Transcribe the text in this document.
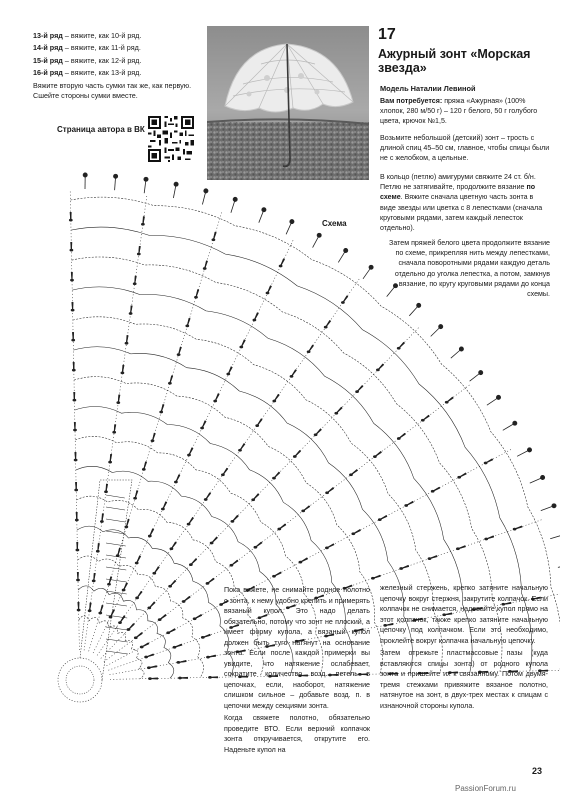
13-й ряд – вяжите, как 10-й ряд.

14-й ряд – вяжите, как 11-й ряд.

15-й ряд – вяжите, как 12-й ряд.

16-й ряд – вяжите, как 13-й ряд.

Вяжите вторую часть сумки так же, как первую. Сшейте стороны сумки вместе.

Страница автора в ВК
17
Ажурный зонт «Морская звезда»
Модель Наталии Левиной

Вам потребуется: пряжа «Ажурная» (100% хлопок, 280 м/50 г) – 120 г белого, 50 г голубого цвета, крючок №1,5.

Возьмите небольшой (детский) зонт – трость с длиной спиц 45–50 см, главное, чтобы спицы были не с желобком, а цельные.

В кольцо (петлю) амигуруми свяжите 24 ст. б/н. Петлю не затягивайте, продолжите вязание по схеме. Вяжите сначала цветную часть зонта в виде звезды или цветка с 8 лепестками (сначала круговыми рядами, затем каждый лепесток отдельно).

Затем пряжей белого цвета продолжите вязание по схеме, прикрепляя нить между лепестками, сначала поворотными рядами каждую деталь отдельно до уголка лепестка, а потом, замкнув вязание, по кругу круговыми рядами до конца схемы.

Схема

Пока вяжете, не снимайте родное полотно с зонта, к нему удобно крепить и примерять вязаный купол. Это надо делать обязательно, потому что зонт не плоский, а имеет форму купола, а вязаный купол должен быть туго натянут на основание зонта. Если после каждой примерки вы увидите, что натяжение ослабевает, сократите количество возд. петель в цепочках, если, наоборот, натяжение слишком сильное – добавьте возд. п. в цепочки между секциями зонта.

Когда свяжете полотно, обязательно проведите ВТО. Если верхний колпачок зонта откручивается, открутите его. Наденьте купол на

железный стержень, крепко затяните начальную цепочку вокруг стержня, закрутите колпачок. Если колпачок не снимается, надевайте купол прямо на этот колпачок, также крепко затяните начальную цепочку под колпачком. Если это необходимо, проклейте вокруг колпачка начальную цепочку.

Затем отрежьте пластмассовые пазы (куда вставляются спицы зонта) от родного купола зонта и пришейте их к связанному. Потом двумя-тремя стежками привяжите вязаное полотно, натянутое на зонт, в двух-трех местах к спицам с изнаночной стороны купола.

23
PassionForum.ru
